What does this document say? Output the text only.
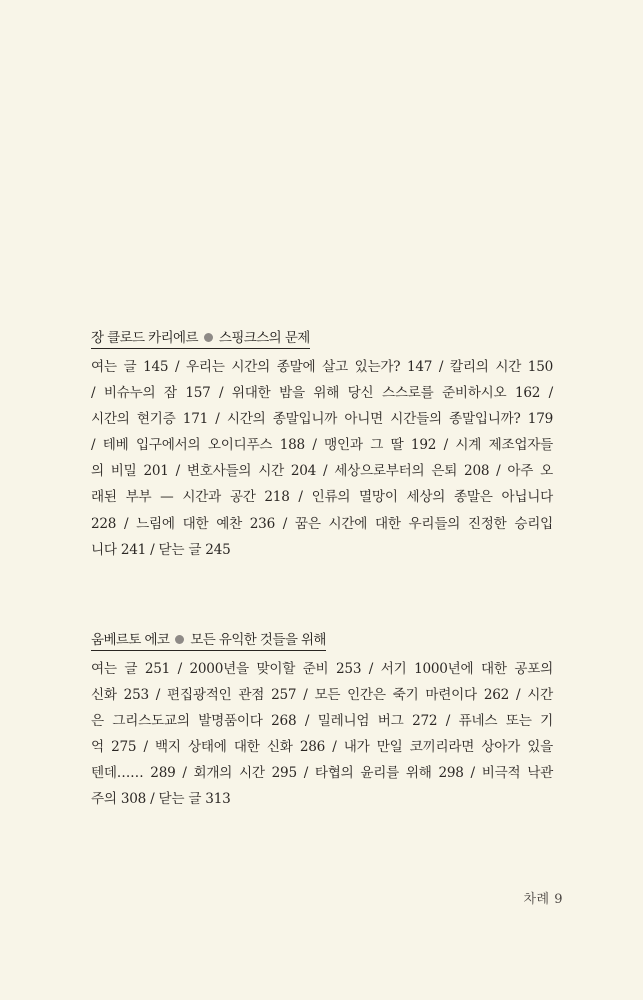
장 클로드 카리에르 스핑크스의 문제
여는 글 145 / 우리는 시간의 종말에 살고 있는가? 147 / 칼리의 시간 150
/ 비슈누의 잠 157 / 위대한 밤을 위해 당신 스스로를 준비하시오 162 /
시간의 현기증 171 / 시간의 종말입니까 아니면 시간들의 종말입니까? 179
/ 테베 입구에서의 오이디푸스 188 / 맹인과 그 딸 192 / 시계 제조업자들
의 비밀 201 / 변호사들의 시간 204 / 세상으로부터의 은퇴 208 / 아주 오
래된 부부 — 시간과 공간 218 / 인류의 멸망이 세상의 종말은 아닙니다
228 / 느림에 대한 예찬 236 / 꿈은 시간에 대한 우리들의 진정한 승리입
니다 241 / 닫는 글 245
움베르토 에코 모든 유익한 것들을 위해
여는 글 251 / 2000년을 맞이할 준비 253 / 서기 1000년에 대한 공포의
신화 253 / 편집광적인 관점 257 / 모든 인간은 죽기 마련이다 262 / 시간
은 그리스도교의 발명품이다 268 / 밀레니엄 버그 272 / 퓨네스 또는 기
억 275 / 백지 상태에 대한 신화 286 / 내가 만일 코끼리라면 상아가 있을
텐데…… 289 / 회개의 시간 295 / 타협의 윤리를 위해 298 / 비극적 낙관
주의 308 / 닫는 글 313
차례 9
